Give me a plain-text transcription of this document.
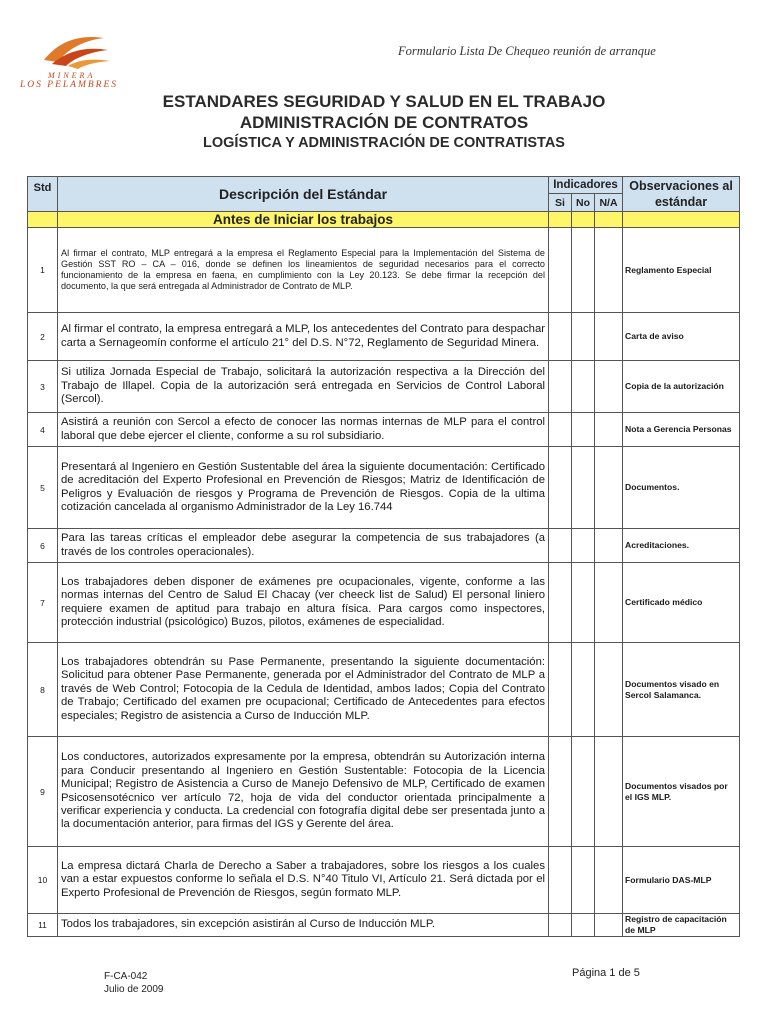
MINERA
LOS PELAMBRES
Formulario Lista De Chequeo reunión de arranque
ESTANDARES SEGURIDAD Y SALUD EN EL TRABAJO
ADMINISTRACIÓN DE CONTRATOS
LOGÍSTICA Y ADMINISTRACIÓN DE CONTRATISTAS
Std	Descripción del Estándar	Indicadores			Observaciones al estándar
		Si	No	N/A	
	Antes de Iniciar los trabajos				
1	Al firmar el contrato, MLP entregará a la empresa el Reglamento Especial para la Implementación del Sistema de Gestión SST RO – CA – 016, donde se definen los lineamientos de seguridad necesarios para el correcto funcionamiento de la empresa en faena, en cumplimiento con la Ley 20.123. Se debe firmar la recepción del documento, la que será entregada al Administrador de Contrato de MLP.				Reglamento Especial
2	Al firmar el contrato, la empresa entregará a MLP, los antecedentes del Contrato para despachar carta a Sernageomín conforme el artículo 21° del D.S. N°72, Reglamento de Seguridad Minera.				Carta de aviso
3	Si utiliza Jornada Especial de Trabajo, solicitará la autorización respectiva a la Dirección del Trabajo de Illapel. Copia de la autorización será entregada en Servicios de Control Laboral (Sercol).				Copia de la autorización
4	Asistirá a reunión con Sercol a efecto de conocer las normas internas de MLP para el control laboral que debe ejercer el cliente, conforme a su rol subsidiario.				Nota a Gerencia Personas
5	Presentará al Ingeniero en Gestión Sustentable del área la siguiente documentación: Certificado de acreditación del Experto Profesional en Prevención de Riesgos; Matriz de Identificación de Peligros y Evaluación de riesgos y Programa de Prevención de Riesgos. Copia de la ultima cotización cancelada al organismo Administrador de la Ley 16.744				Documentos.
6	Para las tareas críticas el empleador debe asegurar la competencia de sus trabajadores (a través de los controles operacionales).				Acreditaciones.
7	Los trabajadores deben disponer de exámenes pre ocupacionales, vigente, conforme a las normas internas del Centro de Salud El Chacay (ver cheeck list de Salud) El personal liniero requiere examen de aptitud para trabajo en altura física. Para cargos como inspectores, protección industrial (psicológico) Buzos, pilotos, exámenes de especialidad.				Certificado médico
8	Los trabajadores obtendrán su Pase Permanente, presentando la siguiente documentación: Solicitud para obtener Pase Permanente, generada por el Administrador del Contrato de MLP a través de Web Control; Fotocopia de la Cedula de Identidad, ambos lados; Copia del Contrato de Trabajo; Certificado del examen pre ocupacional; Certificado de Antecedentes para efectos especiales; Registro de asistencia a Curso de Inducción MLP.				Documentos visado en Sercol Salamanca.
9	Los conductores, autorizados expresamente por la empresa, obtendrán su Autorización interna para Conducir presentando al Ingeniero en Gestión Sustentable: Fotocopia de la Licencia Municipal; Registro de Asistencia a Curso de Manejo Defensivo de MLP, Certificado de examen Psicosensotécnico ver artículo 72, hoja de vida del conductor orientada principalmente a verificar experiencia y conducta. La credencial con fotografía digital debe ser presentada junto a la documentación anterior, para firmas del IGS y Gerente del área.				Documentos visados por el IGS MLP.
10	La empresa dictará Charla de Derecho a Saber a trabajadores, sobre los riesgos a los cuales van a estar expuestos conforme lo señala el D.S. N°40 Titulo VI, Artículo 21. Será dictada por el Experto Profesional de Prevención de Riesgos, según formato MLP.				Formulario DAS-MLP
11	Todos los trabajadores, sin excepción asistirán al Curso de Inducción MLP.				Registro de capacitación de MLP
F-CA-042
Julio de 2009
Página 1 de 5
